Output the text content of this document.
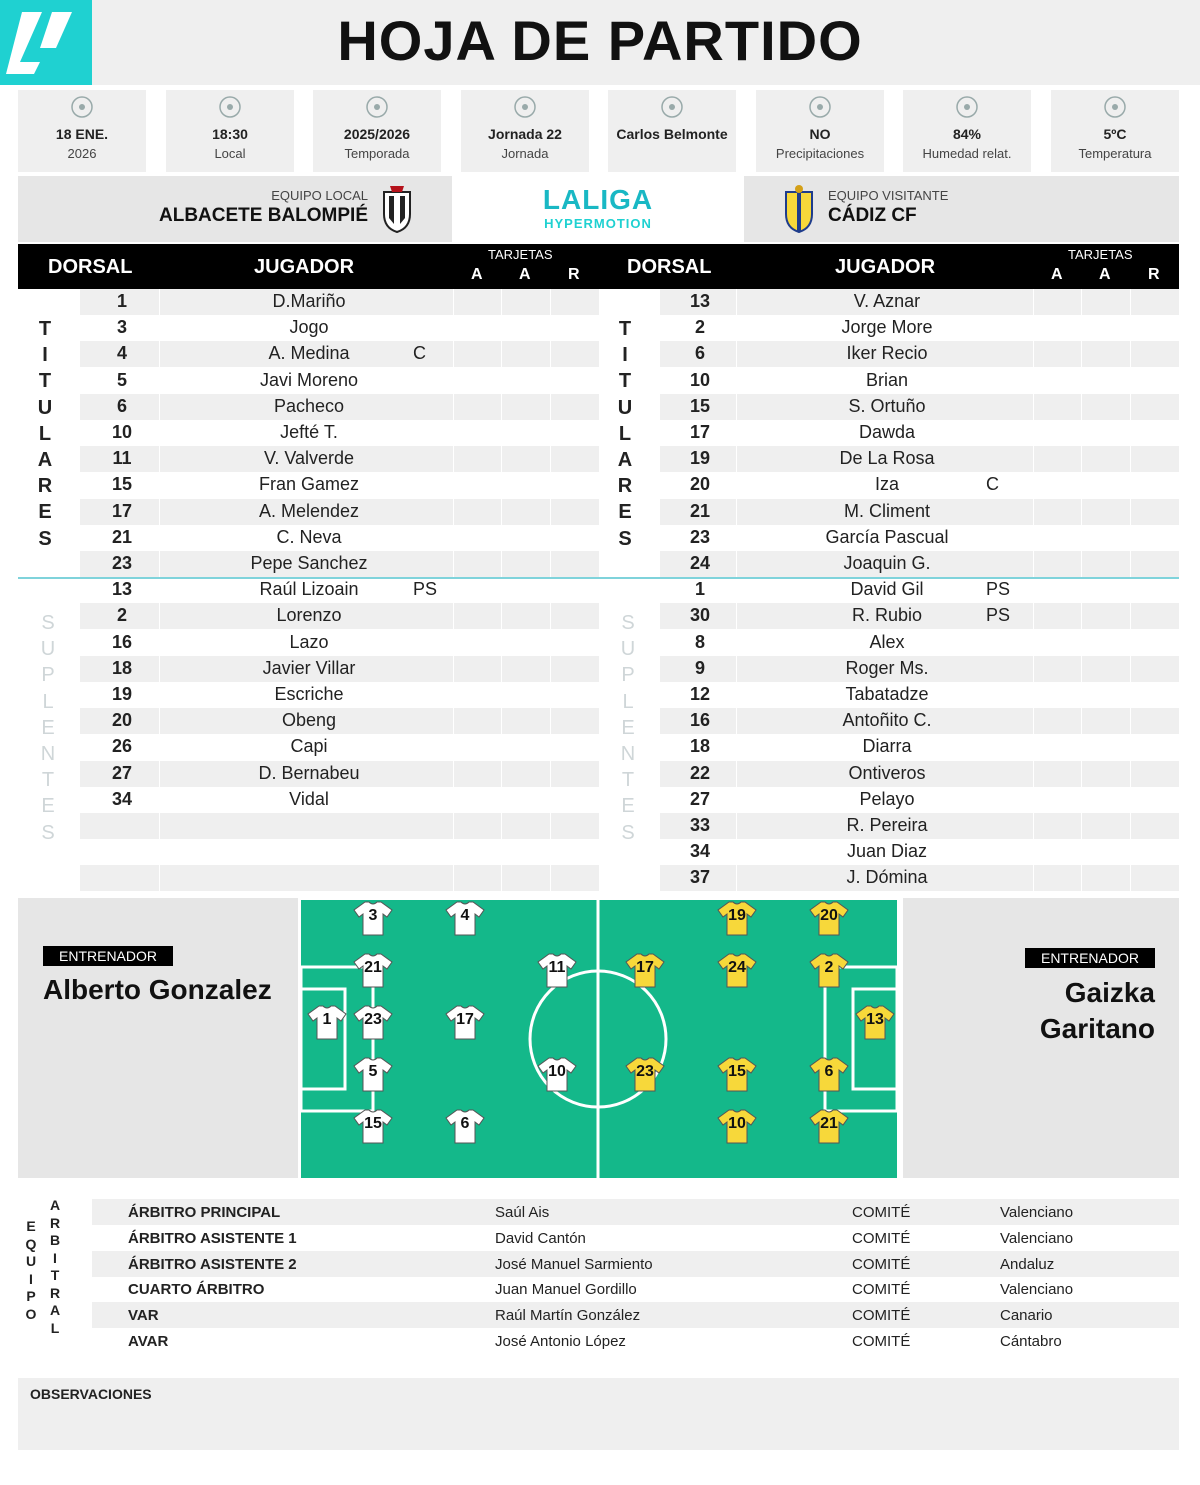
HOJA DE PARTIDO
18 ENE.
2026
18:30
Local
2025/2026
Temporada
Jornada 22
Jornada
Carlos Belmonte	NO
Precipitaciones
84%
Humedad relat.
5ºC
Temperatura
EQUIPO LOCAL
ALBACETE BALOMPIÉ
LALIGA
HYPERMOTION
EQUIPO VISITANTE
CÁDIZ CF
DORSAL	JUGADOR
TARJETAS
A A R DORSAL	JUGADOR
TARJETAS
A A R
1	D.Mariño
3	Jogo
4	A. Medina	C
5	Javi Moreno
6	Pacheco
10	Jefté T.
11	V. Valverde
15	Fran Gamez
17	A. Melendez
21	C. Neva
23	Pepe Sanchez
13	Raúl Lizoain	PS
2	Lorenzo
16	Lazo
18	Javier Villar
19	Escriche
20	Obeng
26	Capi
27	D. Bernabeu
34	Vidal
13	V. Aznar
2	Jorge More
6	Iker Recio
10	Brian
15	S. Ortuño
17	Dawda
19	De La Rosa
20	Iza	C
21	M. Climent
23	García Pascual
24	Joaquin G.
1	David Gil	PS
30	R. Rubio	PS
8	Alex
9	Roger Ms.
12	Tabatadze
16	Antoñito C.
18	Diarra
22	Ontiveros
27	Pelayo
33	R. Pereira
34	Juan Diaz
37	J. Dómina
T
I
T
U
L
A
R
E
S
T
I
T
U
L
A
R
E
S
S
U
P
L
E
N
T
E
S
S
U
P
L
E
N
T
E
S
ENTRENADOR
Alberto Gonzalez
ENTRENADOR
Gaizka Garitano
3	4
21	11
1	23	17
5	10
15	6
19	20
17	24	2
13
23	15	6
10	21
E
Q
U
I
P
O
A
R
B
I
T
R
A
L
ÁRBITRO PRINCIPAL	Saúl Ais	COMITÉ	Valenciano
ÁRBITRO ASISTENTE 1	David Cantón	COMITÉ	Valenciano
ÁRBITRO ASISTENTE 2	José Manuel Sarmiento	COMITÉ	Andaluz
CUARTO ÁRBITRO	Juan Manuel Gordillo	COMITÉ	Valenciano
VAR	Raúl Martín González	COMITÉ	Canario
AVAR	José Antonio López	COMITÉ	Cántabro
OBSERVACIONES
